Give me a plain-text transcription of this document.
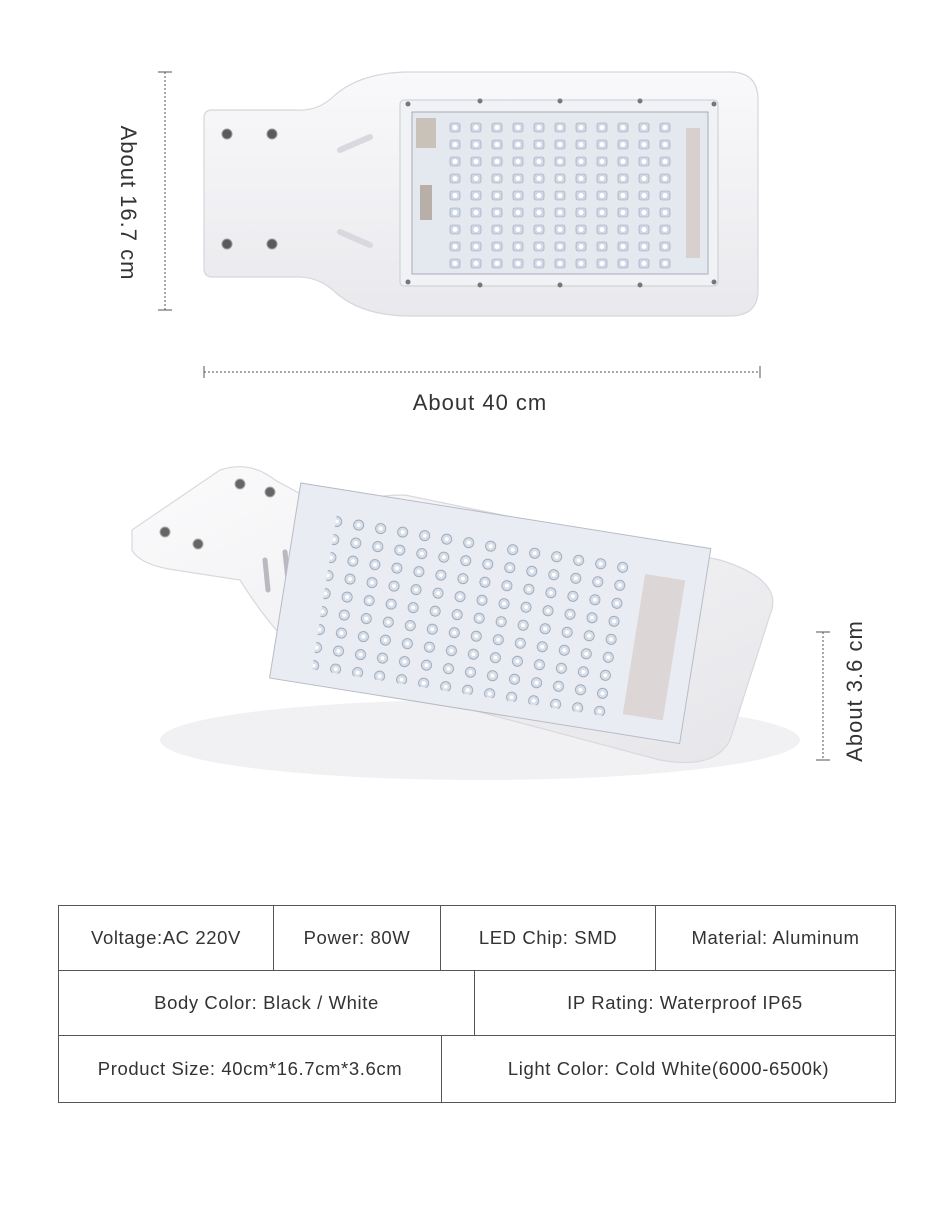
About 16.7 cm
About 40 cm
About 3.6 cm
Voltage:AC 220V	Power: 80W	LED Chip: SMD	Material: Aluminum
Body Color: Black / White	IP Rating: Waterproof IP65
Product Size: 40cm*16.7cm*3.6cm	Light Color: Cold White(6000-6500k)
